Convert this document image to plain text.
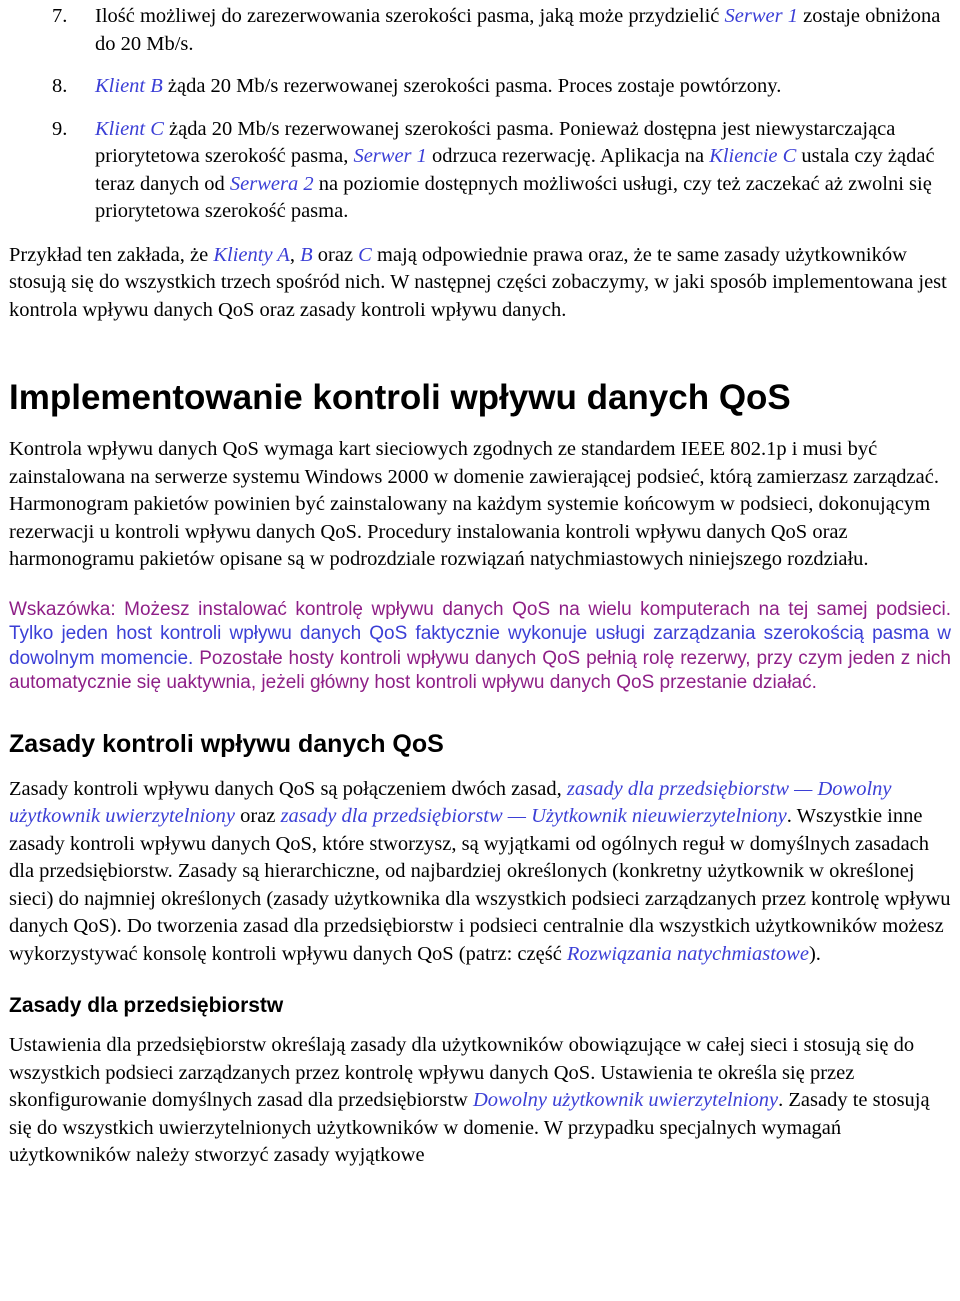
7. Ilość możliwej do zarezerwowania szerokości pasma, jaką może przydzielić Serwer 1 zostaje obniżona do 20 Mb/s.
8. Klient B żąda 20 Mb/s rezerwowanej szerokości pasma. Proces zostaje powtórzony.
9. Klient C żąda 20 Mb/s rezerwowanej szerokości pasma. Ponieważ dostępna jest niewystarczająca priorytetowa szerokość pasma, Serwer 1 odrzuca rezerwację. Aplikacja na Kliencie C ustala czy żądać teraz danych od Serwera 2 na poziomie dostępnych możliwości usługi, czy też zaczekać aż zwolni się priorytetowa szerokość pasma.

Przykład ten zakłada, że Klienty A, B oraz C mają odpowiednie prawa oraz, że te same zasady użytkowników stosują się do wszystkich trzech spośród nich. W następnej części zobaczymy, w jaki sposób implementowana jest kontrola wpływu danych QoS oraz zasady kontroli wpływu danych.

Implementowanie kontroli wpływu danych QoS

Kontrola wpływu danych QoS wymaga kart sieciowych zgodnych ze standardem IEEE 802.1p i musi być zainstalowana na serwerze systemu Windows 2000 w domenie zawierającej podsieć, którą zamierzasz zarządzać. Harmonogram pakietów powinien być zainstalowany na każdym systemie końcowym w podsieci, dokonującym rezerwacji u kontroli wpływu danych QoS. Procedury instalowania kontroli wpływu danych QoS oraz harmonogramu pakietów opisane są w podrozdziale rozwiązań natychmiastowych niniejszego rozdziału.

Wskazówka: Możesz instalować kontrolę wpływu danych QoS na wielu komputerach na tej samej podsieci. Tylko jeden host kontroli wpływu danych QoS faktycznie wykonuje usługi zarządzania szerokością pasma w dowolnym momencie. Pozostałe hosty kontroli wpływu danych QoS pełnią rolę rezerwy, przy czym jeden z nich automatycznie się uaktywnia, jeżeli główny host kontroli wpływu danych QoS przestanie działać.
Zasady kontroli wpływu danych QoS

Zasady kontroli wpływu danych QoS są połączeniem dwóch zasad, zasady dla przedsiębiorstw — Dowolny użytkownik uwierzytelniony oraz zasady dla przedsiębiorstw — Użytkownik nieuwierzytelniony. Wszystkie inne zasady kontroli wpływu danych QoS, które stworzysz, są wyjątkami od ogólnych reguł w domyślnych zasadach dla przedsiębiorstw. Zasady są hierarchiczne, od najbardziej określonych (konkretny użytkownik w określonej sieci) do najmniej określonych (zasady użytkownika dla wszystkich podsieci zarządzanych przez kontrolę wpływu danych QoS). Do tworzenia zasad dla przedsiębiorstw i podsieci centralnie dla wszystkich użytkowników możesz wykorzystywać konsolę kontroli wpływu danych QoS (patrz: część Rozwiązania natychmiastowe).

Zasady dla przedsiębiorstw

Ustawienia dla przedsiębiorstw określają zasady dla użytkowników obowiązujące w całej sieci i stosują się do wszystkich podsieci zarządzanych przez kontrolę wpływu danych QoS. Ustawienia te określa się przez skonfigurowanie domyślnych zasad dla przedsiębiorstw Dowolny użytkownik uwierzytelniony. Zasady te stosują się do wszystkich uwierzytelnionych użytkowników w domenie. W przypadku specjalnych wymagań użytkowników należy stworzyć zasady wyjątkowe
